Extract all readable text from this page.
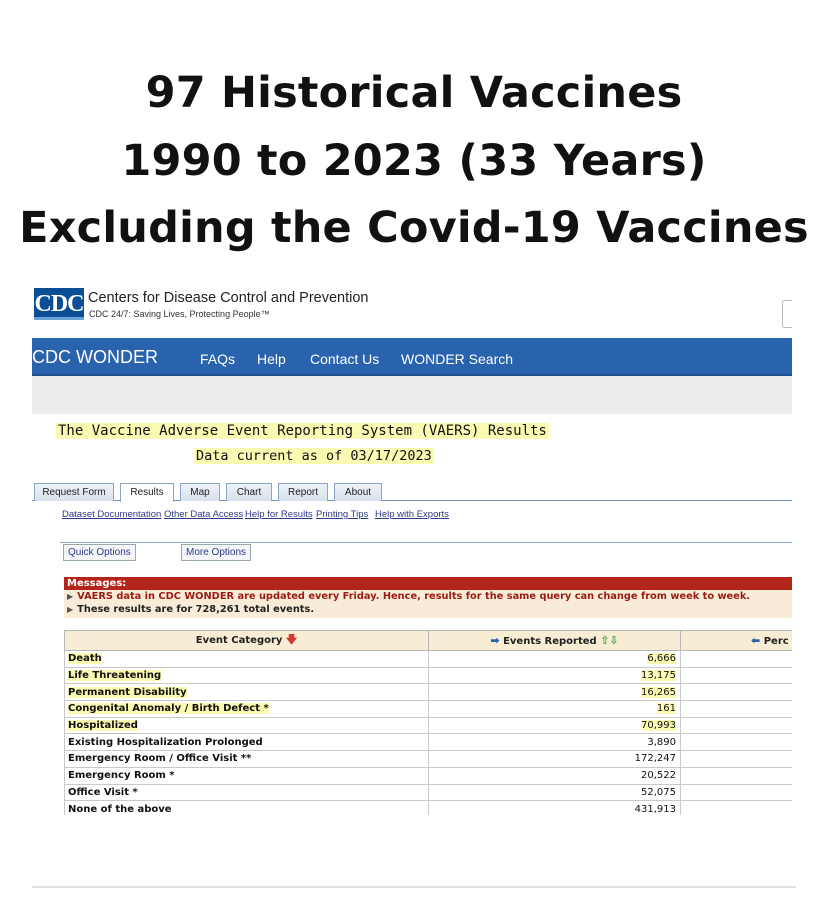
97 Historical Vaccines
1990 to 2023 (33 Years)
Excluding the Covid-19 Vaccines
CDC Centers for Disease Control and Prevention
CDC 24/7: Saving Lives, Protecting People™
CDC WONDER	FAQs Help Contact Us WONDER Search
The Vaccine Adverse Event Reporting System (VAERS) Results
Data current as of 03/17/2023
Request Form	Results	Map	Chart	Report	About
Dataset Documentation Other Data Access Help for Results Printing Tips Help with Exports
Quick Options	More Options
Messages:
▶ VAERS data in CDC WONDER are updated every Friday. Hence, results for the same query can change from week to week.
▶ These results are for 728,261 total events.
Event Category 🡇	➡ Events Reported ⇧⇩	⬅ Perc
Death	6,666	
Life Threatening	13,175	
Permanent Disability	16,265	
Congenital Anomaly / Birth Defect *	161	
Hospitalized	70,993	
Existing Hospitalization Prolonged	3,890	
Emergency Room / Office Visit **	172,247	
Emergency Room *	20,522	
Office Visit *	52,075	
None of the above	431,913	
